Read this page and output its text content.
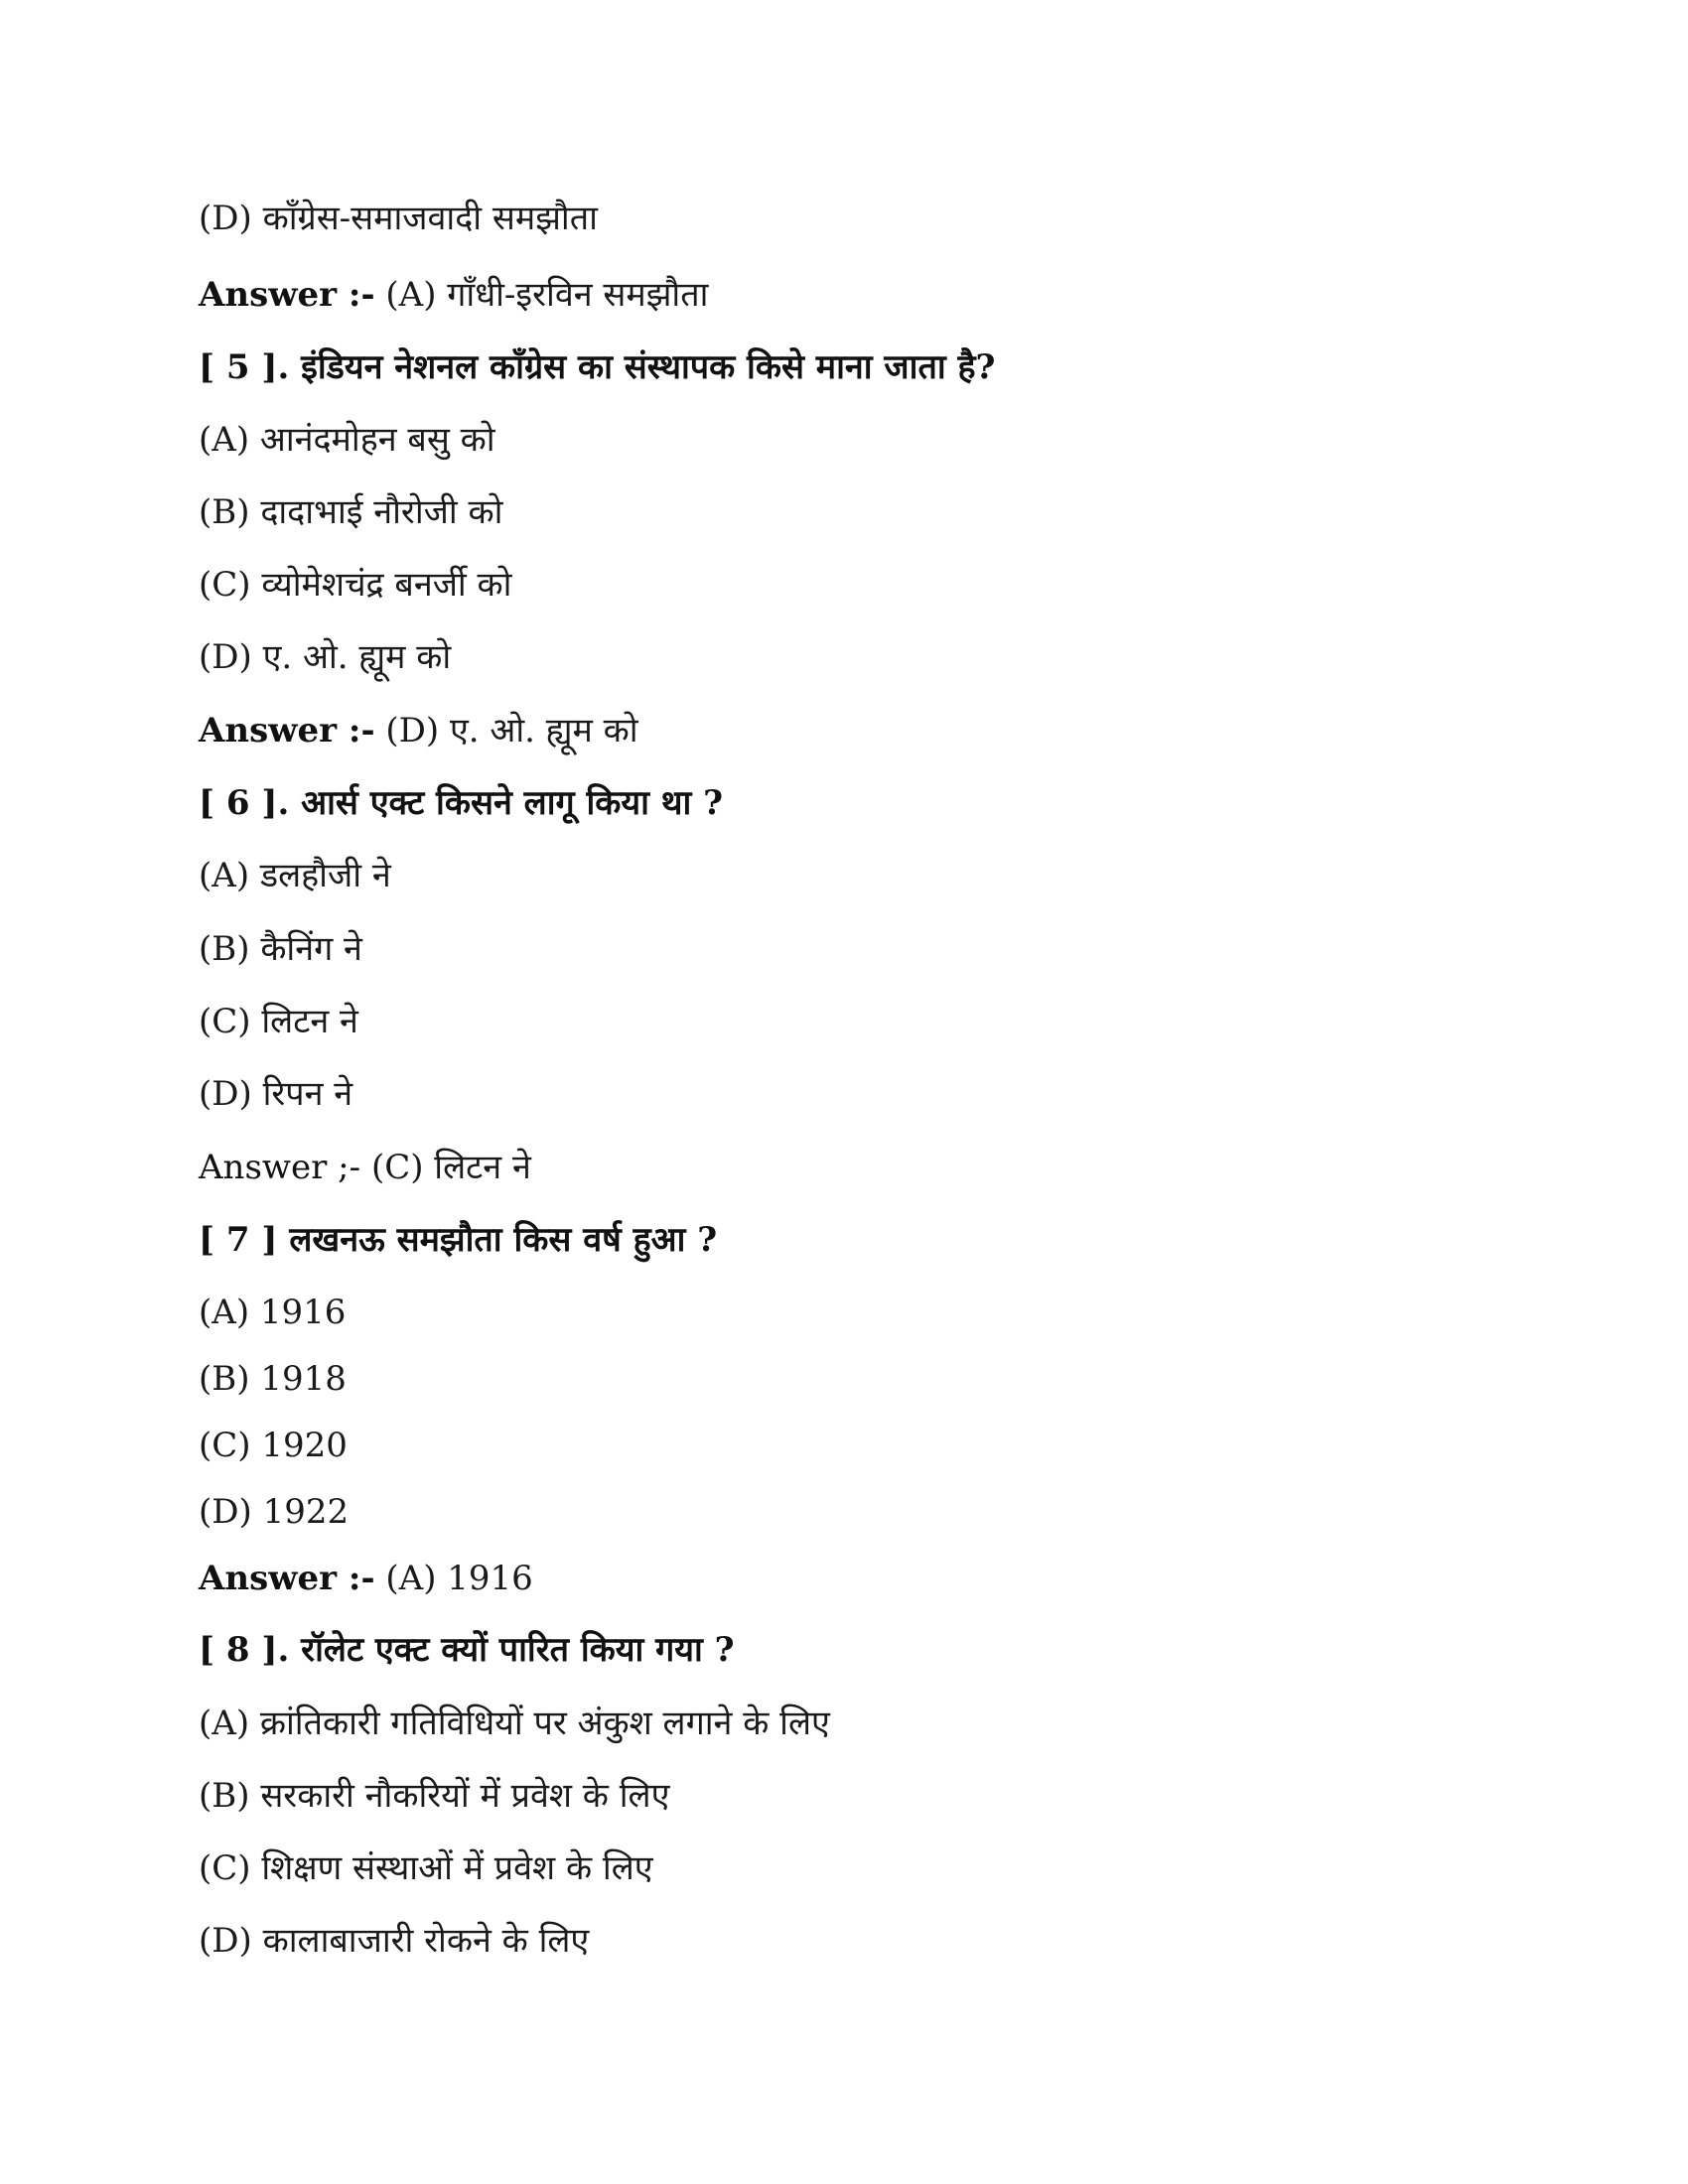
(D) काँग्रेस-समाजवादी समझौता
Answer :- (A) गाँधी-इरविन समझौता
[ 5 ]. इंडियन नेशनल काँग्रेस का संस्थापक किसे माना जाता है?
(A) आनंदमोहन बसु को
(B) दादाभाई नौरोजी को
(C) व्योमेशचंद्र बनर्जी को
(D) ए. ओ. ह्यूम को
Answer :- (D) ए. ओ. ह्यूम को
[ 6 ]. आर्स एक्ट किसने लागू किया था ?
(A) डलहौजी ने
(B) कैनिंग ने
(C) लिटन ने
(D) रिपन ने
Answer ;- (C) लिटन ने
[ 7 ] लखनऊ समझौता किस वर्ष हुआ ?
(A) 1916
(B) 1918
(C) 1920
(D) 1922
Answer :- (A) 1916
[ 8 ]. रॉलेट एक्ट क्यों पारित किया गया ?
(A) क्रांतिकारी गतिविधियों पर अंकुश लगाने के लिए
(B) सरकारी नौकरियों में प्रवेश के लिए
(C) शिक्षण संस्थाओं में प्रवेश के लिए
(D) कालाबाजारी रोकने के लिए
